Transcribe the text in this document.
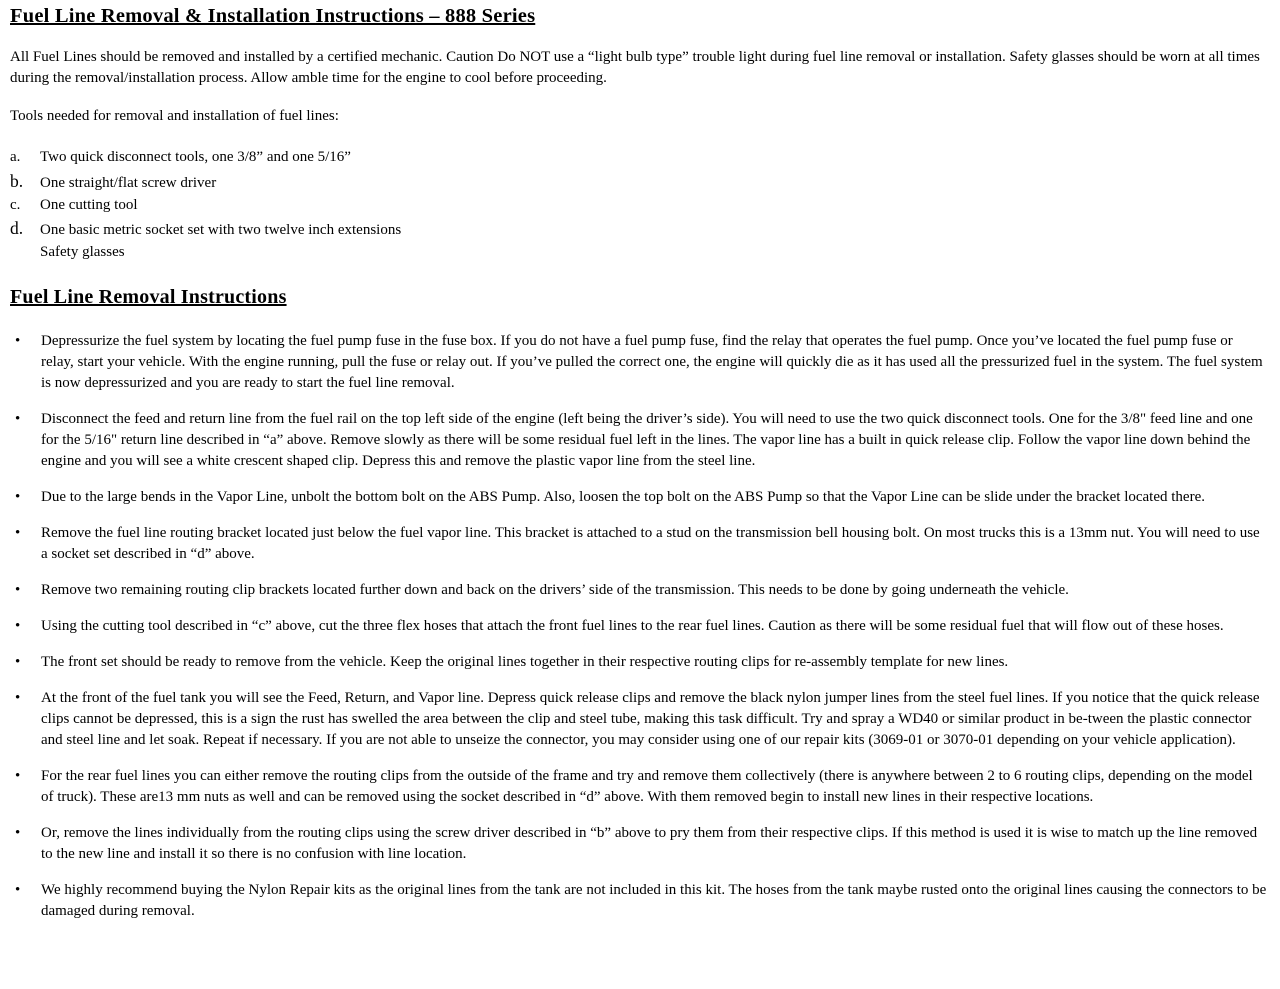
Fuel Line Removal & Installation Instructions – 888 Series

All Fuel Lines should be removed and installed by a certified mechanic. Caution Do NOT use a “light bulb type” trouble light during fuel line removal or installation. Safety glasses should be worn at all times during the removal/installation process. Allow amble time for the engine to cool before proceeding.

Tools needed for removal and installation of fuel lines:

a.	Two quick disconnect tools, one 3/8” and one 5/16”
b.	One straight/flat screw driver
c.	One cutting tool
d.	One basic metric socket set with two twelve inch extensions
Safety glasses
Fuel Line Removal Instructions
• Depressurize the fuel system by locating the fuel pump fuse in the fuse box. If you do not have a fuel pump fuse, find the relay that operates the fuel pump. Once you’ve located the fuel pump fuse or relay, start your vehicle. With the engine running, pull the fuse or relay out. If you’ve pulled the correct one, the engine will quickly die as it has used all the pressurized fuel in the system. The fuel system is now depressurized and you are ready to start the fuel line removal.
• Disconnect the feed and return line from the fuel rail on the top left side of the engine (left being the driver’s side). You will need to use the two quick disconnect tools. One for the 3/8" feed line and one for the 5/16" return line described in “a” above. Remove slowly as there will be some residual fuel left in the lines. The vapor line has a built in quick release clip. Follow the vapor line down behind the engine and you will see a white crescent shaped clip. Depress this and remove the plastic vapor line from the steel line.
• Due to the large bends in the Vapor Line, unbolt the bottom bolt on the ABS Pump. Also, loosen the top bolt on the ABS Pump so that the Vapor Line can be slide under the bracket located there.
• Remove the fuel line routing bracket located just below the fuel vapor line. This bracket is attached to a stud on the transmission bell housing bolt. On most trucks this is a 13mm nut. You will need to use a socket set described in “d” above.
• Remove two remaining routing clip brackets located further down and back on the drivers’ side of the transmission. This needs to be done by going underneath the vehicle.
• Using the cutting tool described in “c” above, cut the three flex hoses that attach the front fuel lines to the rear fuel lines. Caution as there will be some residual fuel that will flow out of these hoses.
• The front set should be ready to remove from the vehicle. Keep the original lines together in their respective routing clips for re-assembly template for new lines.
• At the front of the fuel tank you will see the Feed, Return, and Vapor line. Depress quick release clips and remove the black nylon jumper lines from the steel fuel lines. If you notice that the quick release clips cannot be depressed, this is a sign the rust has swelled the area between the clip and steel tube, making this task difficult. Try and spray a WD40 or similar product in be-tween the plastic connector and steel line and let soak. Repeat if necessary. If you are not able to unseize the connector, you may consider using one of our repair kits (3069-01 or 3070-01 depending on your vehicle application).
• For the rear fuel lines you can either remove the routing clips from the outside of the frame and try and remove them collectively (there is anywhere between 2 to 6 routing clips, depending on the model of truck). These are13 mm nuts as well and can be removed using the socket described in “d” above. With them removed begin to install new lines in their respective locations.
• Or, remove the lines individually from the routing clips using the screw driver described in “b” above to pry them from their respective clips. If this method is used it is wise to match up the line removed to the new line and install it so there is no confusion with line location.
• We highly recommend buying the Nylon Repair kits as the original lines from the tank are not included in this kit. The hoses from the tank maybe rusted onto the original lines causing the connectors to be damaged during removal.
